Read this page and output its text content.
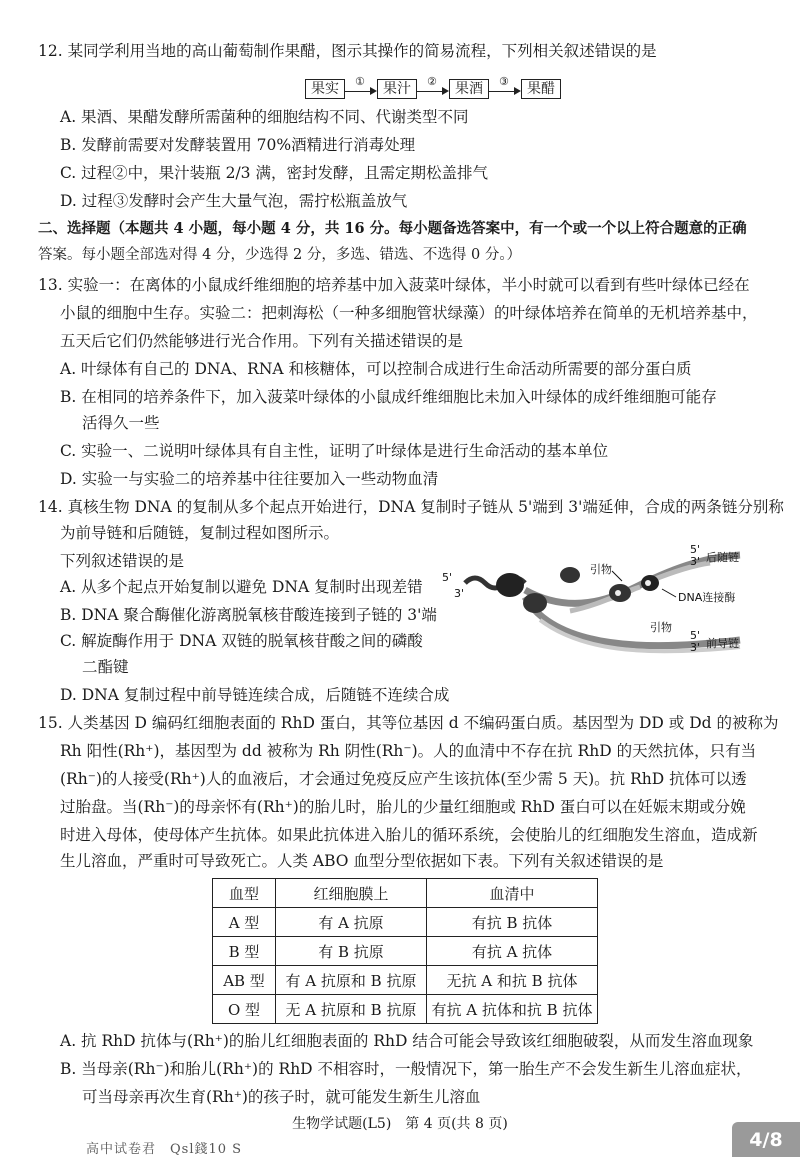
12. 某同学利用当地的高山葡萄制作果醋，图示其操作的简易流程，下列相关叙述错误的是
果实	①	果汁	②	果酒	③	果醋
A. 果酒、果醋发酵所需菌种的细胞结构不同、代谢类型不同
B. 发酵前需要对发酵装置用 70%酒精进行消毒处理
C. 过程②中，果汁装瓶 2/3 满，密封发酵，且需定期松盖排气
D. 过程③发酵时会产生大量气泡，需拧松瓶盖放气
二、选择题（本题共 4 小题，每小题 4 分，共 16 分。每小题备选答案中，有一个或一个以上符合题意的正确
答案。每小题全部选对得 4 分，少选得 2 分，多选、错选、不选得 0 分。）
13. 实验一：在离体的小鼠成纤维细胞的培养基中加入菠菜叶绿体，半小时就可以看到有些叶绿体已经在
小鼠的细胞中生存。实验二：把刺海松（一种多细胞管状绿藻）的叶绿体培养在简单的无机培养基中，
五天后它们仍然能够进行光合作用。下列有关描述错误的是
A. 叶绿体有自己的 DNA、RNA 和核糖体，可以控制合成进行生命活动所需要的部分蛋白质
B. 在相同的培养条件下，加入菠菜叶绿体的小鼠成纤维细胞比未加入叶绿体的成纤维细胞可能存
活得久一些
C. 实验一、二说明叶绿体具有自主性，证明了叶绿体是进行生命活动的基本单位
D. 实验一与实验二的培养基中往往要加入一些动物血清
14. 真核生物 DNA 的复制从多个起点开始进行，DNA 复制时子链从 5'端到 3'端延伸，合成的两条链分别称
为前导链和后随链，复制过程如图所示。
下列叙述错误的是
A. 从多个起点开始复制以避免 DNA 复制时出现差错
B. DNA 聚合酶催化游离脱氧核苷酸连接到子链的 3'端
C. 解旋酶作用于 DNA 双链的脱氧核苷酸之间的磷酸
二酯键
D. DNA 复制过程中前导链连续合成，后随链不连续合成
5'
3'
引物
5'
3' 后随链
DNA连接酶
引物
5'
3' 前导链
15. 人类基因 D 编码红细胞表面的 RhD 蛋白，其等位基因 d 不编码蛋白质。基因型为 DD 或 Dd 的被称为
Rh 阳性(Rh⁺)，基因型为 dd 被称为 Rh 阴性(Rh⁻)。人的血清中不存在抗 RhD 的天然抗体，只有当
(Rh⁻)的人接受(Rh⁺)人的血液后，才会通过免疫反应产生该抗体(至少需 5 天)。抗 RhD 抗体可以透
过胎盘。当(Rh⁻)的母亲怀有(Rh⁺)的胎儿时，胎儿的少量红细胞或 RhD 蛋白可以在妊娠末期或分娩
时进入母体，使母体产生抗体。如果此抗体进入胎儿的循环系统，会使胎儿的红细胞发生溶血，造成新
生儿溶血，严重时可导致死亡。人类 ABO 血型分型依据如下表。下列有关叙述错误的是
血型	红细胞膜上	血清中
A 型	有 A 抗原	有抗 B 抗体
B 型	有 B 抗原	有抗 A 抗体
AB 型	有 A 抗原和 B 抗原	无抗 A 和抗 B 抗体
O 型	无 A 抗原和 B 抗原	有抗 A 抗体和抗 B 抗体
A. 抗 RhD 抗体与(Rh⁺)的胎儿红细胞表面的 RhD 结合可能会导致该红细胞破裂，从而发生溶血现象
B. 当母亲(Rh⁻)和胎儿(Rh⁺)的 RhD 不相容时，一般情况下，第一胎生产不会发生新生儿溶血症状，
可当母亲再次生育(Rh⁺)的孩子时，就可能发生新生儿溶血
生物学试题(L5)　第 4 页(共 8 页)
高中试卷君　Qsl錢10 S	4/8
